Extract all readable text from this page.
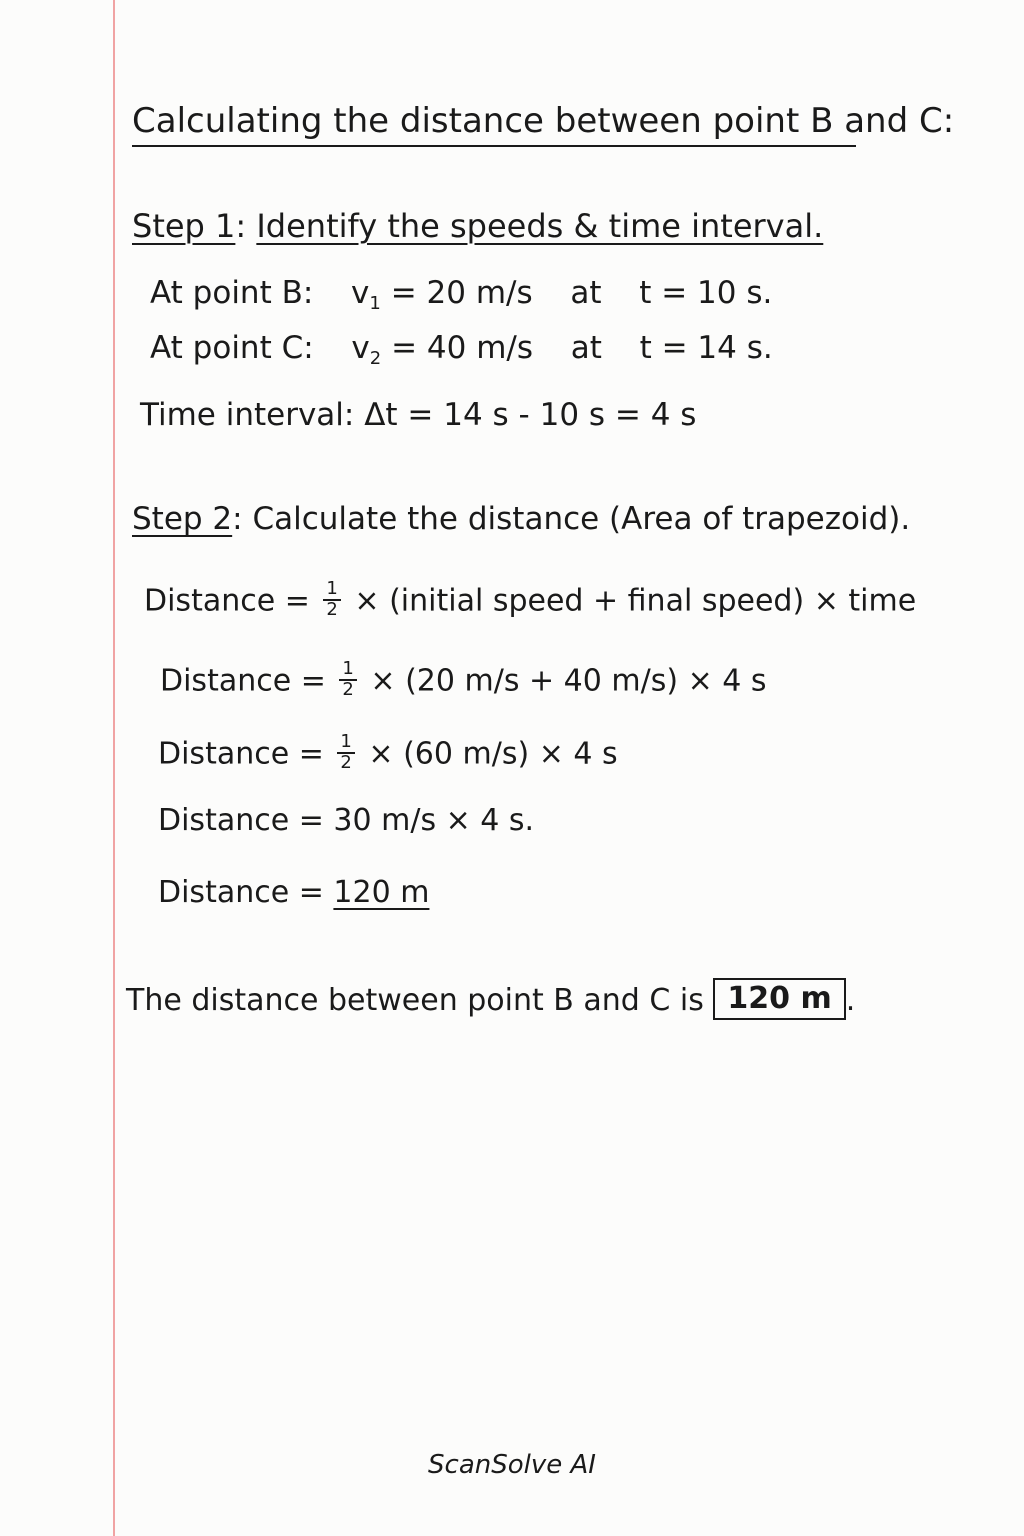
Calculating the distance between point B and C:
Step 1: Identify the speeds & time interval.
At point B: $v_1 = 20$ m/s at t = 10 s.
At point C: $v_2 = 40$ m/s at t = 14 s.
Time interval: Δt = 14 s - 10 s = 4 s
Step 2: Calculate the distance (Area of trapezoid).
Distance = $\frac{1}{2}$ × (initial speed + final speed) × time
Distance = $\frac{1}{2} \times (20$ m/s + 40 m/s) × 4 s
Distance = $\frac{1}{2} \times (60$ m/s) × 4 s
Distance = 30 m/s × 4 s.
Distance = 120 m
The distance between point B and C is 120 m .
ScanSolve AI
